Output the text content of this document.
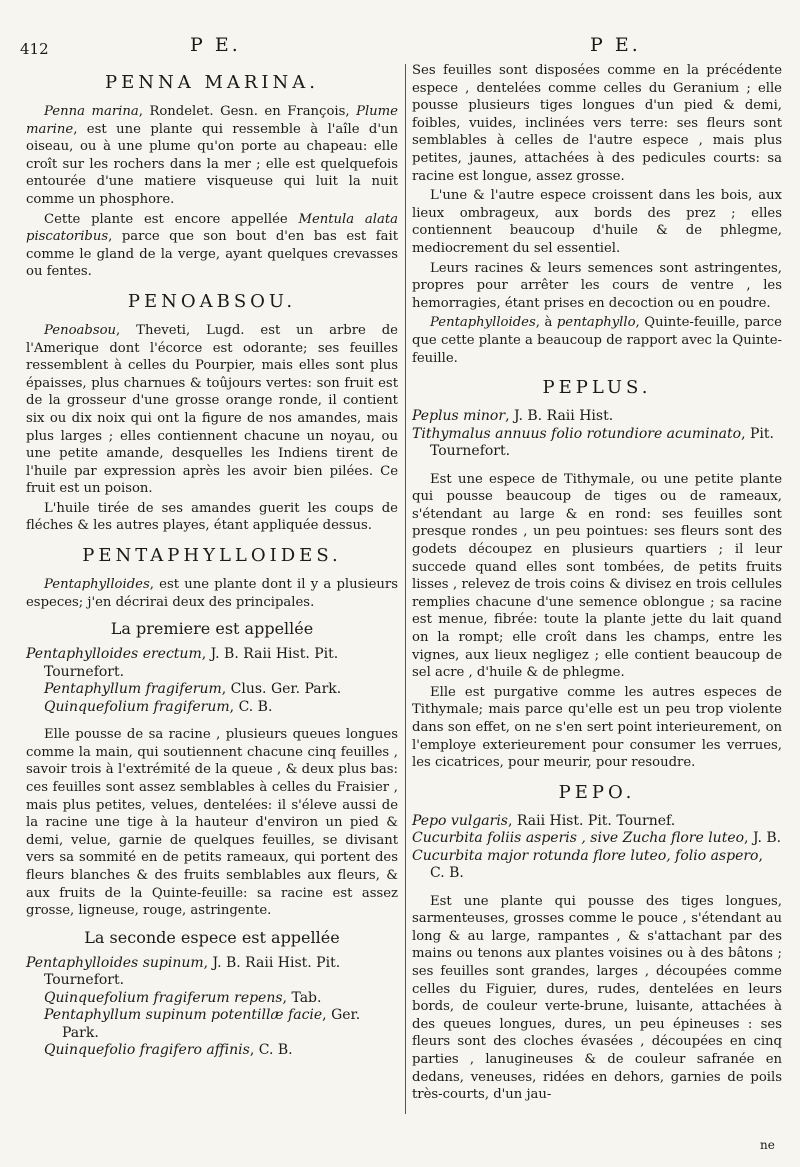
412	P E.	P E.
PENNA MARINA.

Penna marina, Rondelet. Gesn. en François, Plume marine, est une plante qui ressemble à l'aîle d'un oiseau, ou à une plume qu'on porte au chapeau: elle croît sur les rochers dans la mer ; elle est quelquefois entourée d'une matiere visqueuse qui luit la nuit comme un phosphore.

Cette plante est encore appellée Mentula alata piscatoribus, parce que son bout d'en bas est fait comme le gland de la verge, ayant quelques crevasses ou fentes.

PENOABSOU.

Penoabsou, Theveti, Lugd. est un arbre de l'Amerique dont l'écorce est odorante; ses feuilles ressemblent à celles du Pourpier, mais elles sont plus épaisses, plus charnues & toûjours vertes: son fruit est de la grosseur d'une grosse orange ronde, il contient six ou dix noix qui ont la figure de nos amandes, mais plus larges ; elles contiennent chacune un noyau, ou une petite amande, desquelles les Indiens tirent de l'huile par expression après les avoir bien pilées. Ce fruit est un poison.

L'huile tirée de ses amandes guerit les coups de fléches & les autres playes, étant appliquée dessus.

PENTAPHYLLOIDES.

Pentaphylloides, est une plante dont il y a plusieurs especes; j'en décrirai deux des principales.

La premiere est appellée
Pentaphylloides erectum, J. B. Raii Hist. Pit. Tournefort.
Pentaphyllum fragiferum, Clus. Ger. Park.
Quinquefolium fragiferum, C. B.

Elle pousse de sa racine , plusieurs queues longues comme la main, qui soutiennent chacune cinq feuilles , savoir trois à l'extrémité de la queue , & deux plus bas: ces feuilles sont assez semblables à celles du Fraisier , mais plus petites, velues, dentelées: il s'éleve aussi de la racine une tige à la hauteur d'environ un pied & demi, velue, garnie de quelques feuilles, se divisant vers sa sommité en de petits rameaux, qui portent des fleurs blanches & des fruits semblables aux fleurs, & aux fruits de la Quinte-feuille: sa racine est assez grosse, ligneuse, rouge, astringente.

La seconde espece est appellée
Pentaphylloides supinum, J. B. Raii Hist. Pit. Tournefort.
Quinquefolium fragiferum repens, Tab.
Pentaphyllum supinum potentillæ facie, Ger. Park.
Quinquefolio fragifero affinis, C. B.

Ses feuilles sont disposées comme en la précédente espece , dentelées comme celles du Geranium ; elle pousse plusieurs tiges longues d'un pied & demi, foibles, vuides, inclinées vers terre: ses fleurs sont semblables à celles de l'autre espece , mais plus petites, jaunes, attachées à des pedicules courts: sa racine est longue, assez grosse.

L'une & l'autre espece croissent dans les bois, aux lieux ombrageux, aux bords des prez ; elles contiennent beaucoup d'huile & de phlegme, mediocrement du sel essentiel.

Leurs racines & leurs semences sont astringentes, propres pour arrêter les cours de ventre , les hemorragies, étant prises en decoction ou en poudre.

Pentaphylloides, à pentaphyllo, Quinte-feuille, parce que cette plante a beaucoup de rapport avec la Quinte-feuille.

PEPLUS.
Peplus minor, J. B. Raii Hist.
Tithymalus annuus folio rotundiore acuminato, Pit. Tournefort.

Est une espece de Tithymale, ou une petite plante qui pousse beaucoup de tiges ou de rameaux, s'étendant au large & en rond: ses feuilles sont presque rondes , un peu pointues: ses fleurs sont des godets découpez en plusieurs quartiers ; il leur succede quand elles sont tombées, de petits fruits lisses , relevez de trois coins & divisez en trois cellules remplies chacune d'une semence oblongue ; sa racine est menue, fibrée: toute la plante jette du lait quand on la rompt; elle croît dans les champs, entre les vignes, aux lieux negligez ; elle contient beaucoup de sel acre , d'huile & de phlegme.

Elle est purgative comme les autres especes de Tithymale; mais parce qu'elle est un peu trop violente dans son effet, on ne s'en sert point interieurement, on l'employe exterieurement pour consumer les verrues, les cicatrices, pour meurir, pour resoudre.

PEPO.
Pepo vulgaris, Raii Hist. Pit. Tournef.
Cucurbita foliis asperis , sive Zucha flore luteo, J. B.
Cucurbita major rotunda flore luteo, folio aspero, C. B.

Est une plante qui pousse des tiges longues, sarmenteuses, grosses comme le pouce , s'étendant au long & au large, rampantes , & s'attachant par des mains ou tenons aux plantes voisines ou à des bâtons ; ses feuilles sont grandes, larges , découpées comme celles du Figuier, dures, rudes, dentelées en leurs bords, de couleur verte-brune, luisante, attachées à des queues longues, dures, un peu épineuses : ses fleurs sont des cloches évasées , découpées en cinq parties , lanugineuses & de couleur safranée en dedans, veneuses, ridées en dehors, garnies de poils très-courts, d'un jau-

ne
